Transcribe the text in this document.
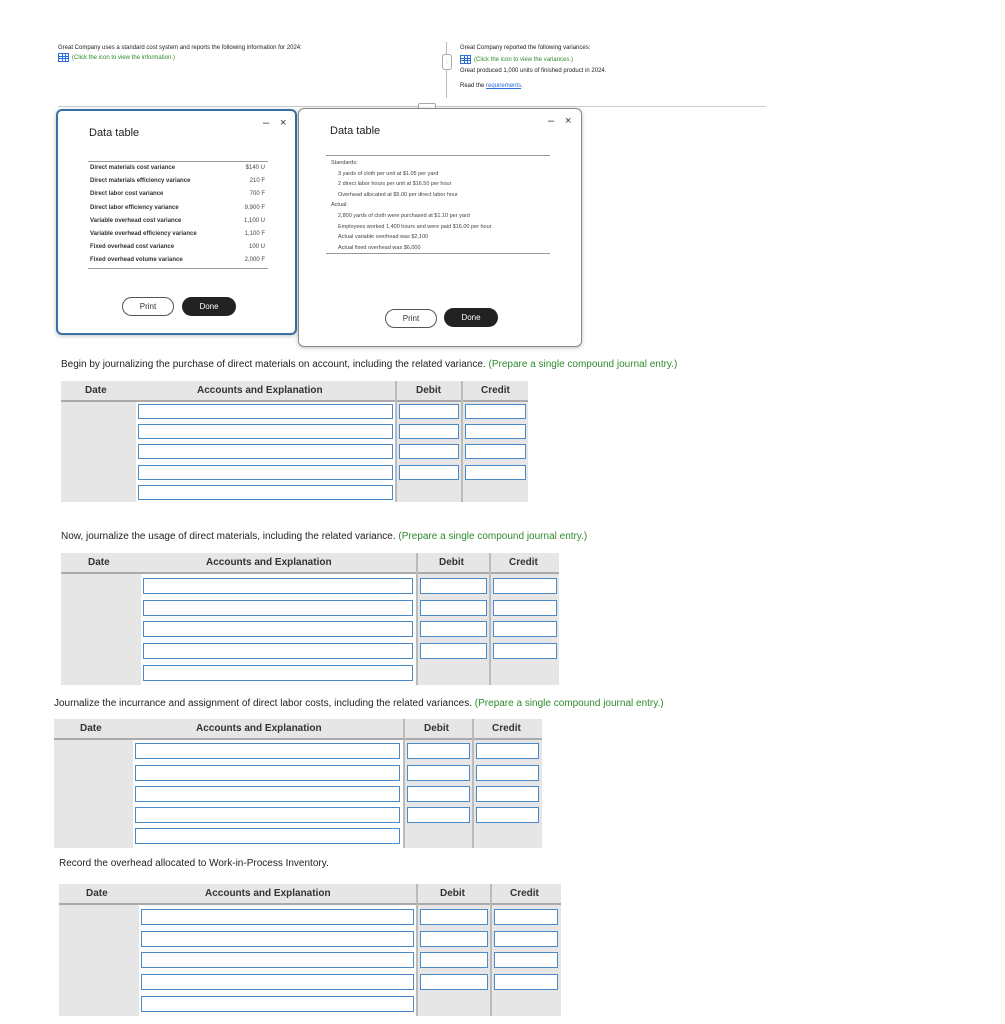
Great Company uses a standard cost system and reports the following information for 2024:
(Click the icon to view the information.)
⋮
Great Company reported the following variances:
(Click the icon to view the variances.)
Great produced 1,000 units of finished product in 2024.
Read the requirements.
Data table
– ×
Direct materials cost variance	$140 U
Direct materials efficiency variance	210 F
Direct labor cost variance	700 F
Direct labor efficiency variance	9,900 F
Variable overhead cost variance	1,100 U
Variable overhead efficiency variance	1,100 F
Fixed overhead cost variance	100 U
Fixed overhead volume variance	2,000 F
Print	Done
Data table
– ×
Standards:
3 yards of cloth per unit at $1.05 per yard
2 direct labor hours per unit at $16.50 per hour
Overhead allocated at $5.00 per direct labor hour
Actual:
2,800 yards of cloth were purchased at $1.10 per yard
Employees worked 1,400 hours and were paid $16.00 per hour
Actual variable overhead was $2,100
Actual fixed overhead was $6,000
Print	Done
Begin by journalizing the purchase of direct materials on account, including the related variance. (Prepare a single compound journal entry.)
Date	Accounts and Explanation	Debit	Credit
Now, journalize the usage of direct materials, including the related variance. (Prepare a single compound journal entry.)
Date	Accounts and Explanation	Debit	Credit
Journalize the incurrance and assignment of direct labor costs, including the related variances. (Prepare a single compound journal entry.)
Date	Accounts and Explanation	Debit	Credit
Record the overhead allocated to Work-in-Process Inventory.
Date	Accounts and Explanation	Debit	Credit
